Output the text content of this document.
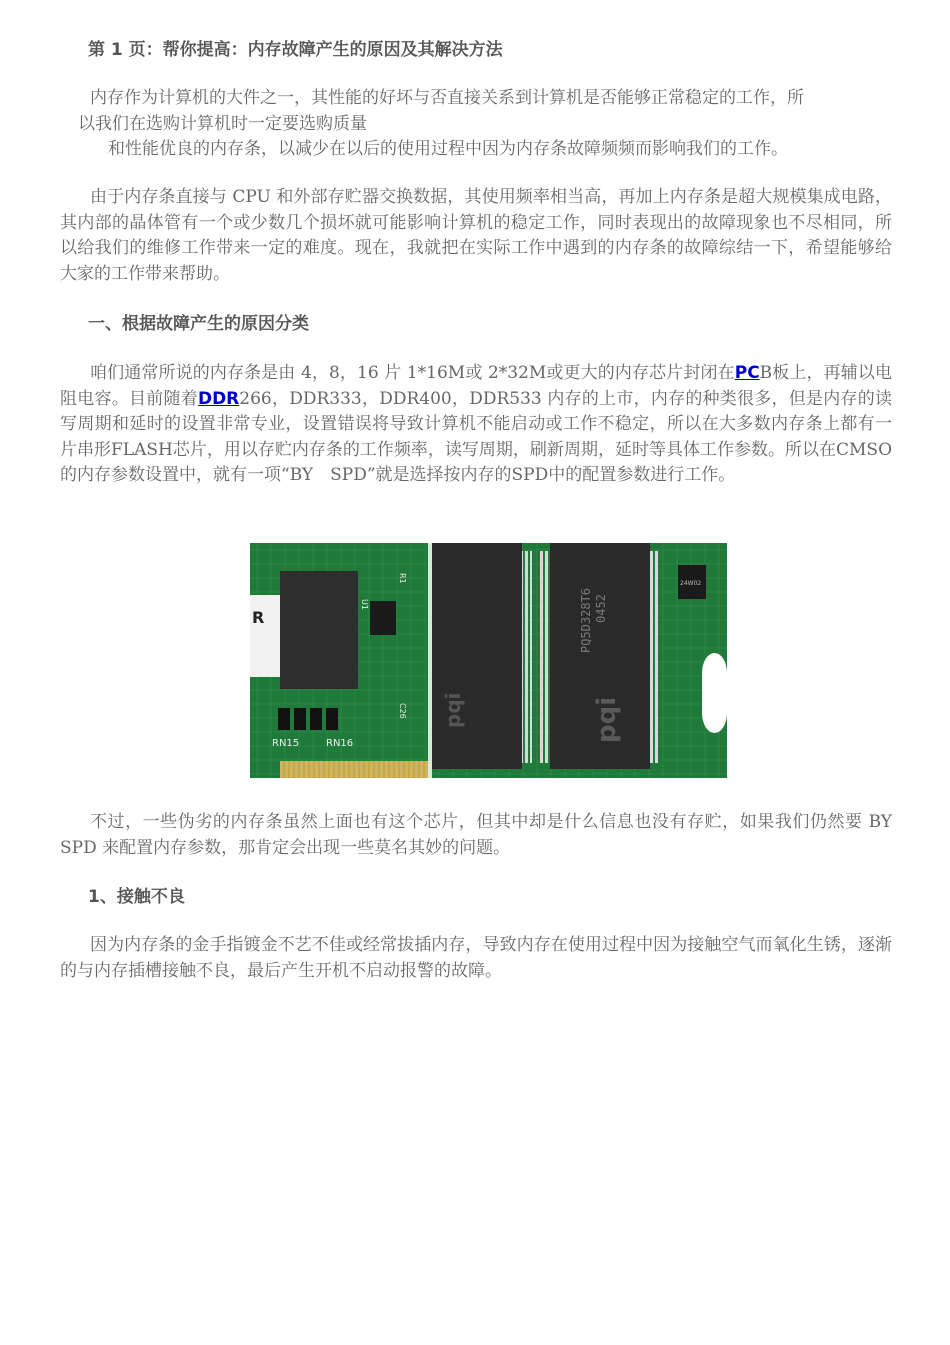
第 1 页：帮你提高：内存故障产生的原因及其解决方法

内存作为计算机的大件之一，其性能的好坏与否直接关系到计算机是否能够正常稳定的工作，所
以我们在选购计算机时一定要选购质量
和性能优良的内存条，以减少在以后的使用过程中因为内存条故障频频而影响我们的工作。

由于内存条直接与 CPU 和外部存贮器交换数据，其使用频率相当高，再加上内存条是超大规模集成电路，其内部的晶体管有一个或少数几个损坏就可能影响计算机的稳定工作，同时表现出的故障现象也不尽相同，所以给我们的维修工作带来一定的难度。现在，我就把在实际工作中遇到的内存条的故障综结一下，希望能够给大家的工作带来帮助。

一、根据故障产生的原因分类

咱们通常所说的内存条是由 4，8，16 片 1*16M或 2*32M或更大的内存芯片封闭在PCB板上，再辅以电阻电容。目前随着DDR266，DDR333，DDR400，DDR533 内存的上市，内存的种类很多，但是内存的读写周期和延时的设置非常专业，设置错误将导致计算机不能启动或工作不稳定，所以在大多数内存条上都有一片串形FLASH芯片，用以存贮内存条的工作频率，读写周期，刷新周期，延时等具体工作参数。所以在CMSO的内存参数设置中，就有一项“BY　SPD”就是选择按内存的SPD中的配置参数进行工作。

R
U1
R1
C26
RN15	RN16
pqi	pqi
PQ5D328T6 0452
24W02

不过，一些伪劣的内存条虽然上面也有这个芯片，但其中却是什么信息也没有存贮，如果我们仍然要 BY SPD 来配置内存参数，那肯定会出现一些莫名其妙的问题。

1、接触不良

因为内存条的金手指镀金不艺不佳或经常拔插内存，导致内存在使用过程中因为接触空气而氧化生锈，逐渐的与内存插槽接触不良，最后产生开机不启动报警的故障。
